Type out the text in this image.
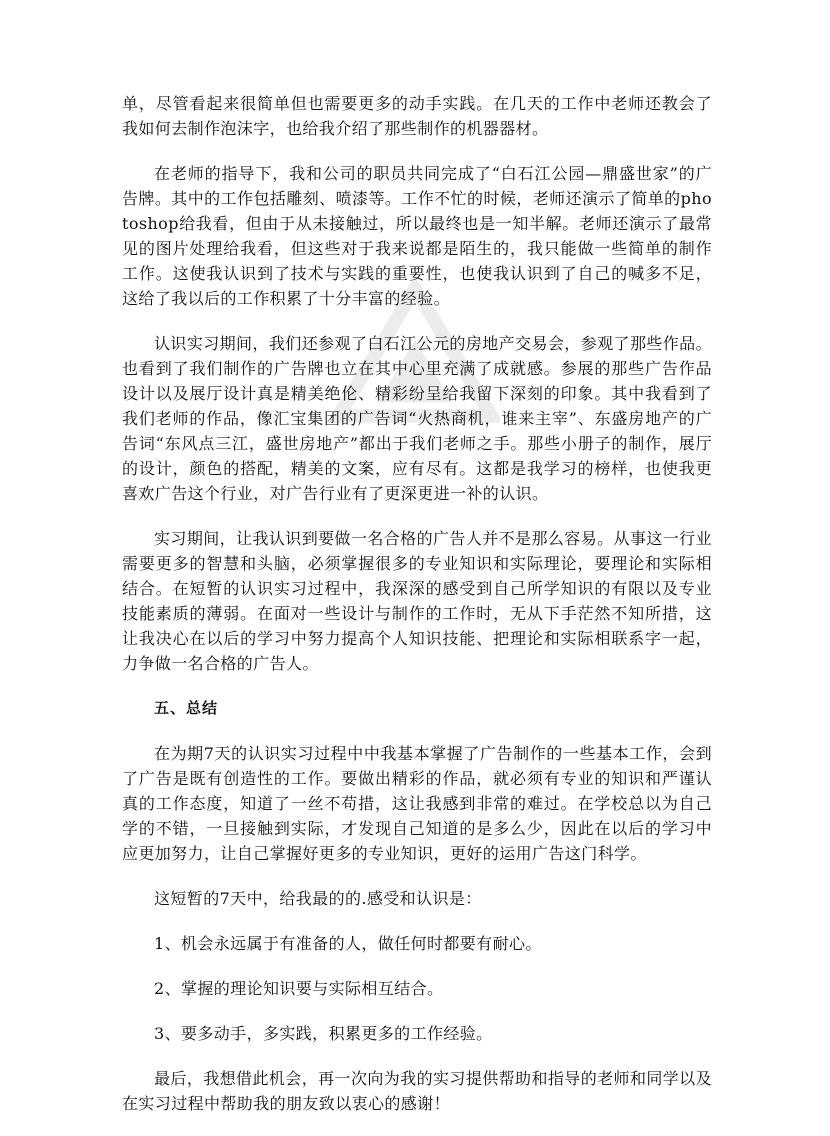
单，尽管看起来很简单但也需要更多的动手实践。在几天的工作中老师还教会了我如何去制作泡沫字，也给我介绍了那些制作的机器器材。

在老师的指导下，我和公司的职员共同完成了“白石江公园—鼎盛世家”的广告牌。其中的工作包括雕刻、喷漆等。工作不忙的时候，老师还演示了简单的photoshop给我看，但由于从未接触过，所以最终也是一知半解。老师还演示了最常见的图片处理给我看，但这些对于我来说都是陌生的，我只能做一些简单的制作工作。这使我认识到了技术与实践的重要性，也使我认识到了自己的喊多不足，这给了我以后的工作积累了十分丰富的经验。

认识实习期间，我们还参观了白石江公元的房地产交易会，参观了那些作品。也看到了我们制作的广告牌也立在其中心里充满了成就感。参展的那些广告作品设计以及展厅设计真是精美绝伦、精彩纷呈给我留下深刻的印象。其中我看到了我们老师的作品，像汇宝集团的广告词“火热商机，谁来主宰”、东盛房地产的广告词“东风点三江，盛世房地产”都出于我们老师之手。那些小册子的制作，展厅的设计，颜色的搭配，精美的文案，应有尽有。这都是我学习的榜样，也使我更喜欢广告这个行业，对广告行业有了更深更进一补的认识。

实习期间，让我认识到要做一名合格的广告人并不是那么容易。从事这一行业需要更多的智慧和头脑，必须掌握很多的专业知识和实际理论，要理论和实际相结合。在短暂的认识实习过程中，我深深的感受到自己所学知识的有限以及专业技能素质的薄弱。在面对一些设计与制作的工作时，无从下手茫然不知所措，这让我决心在以后的学习中努力提高个人知识技能、把理论和实际相联系字一起，力争做一名合格的广告人。

五、总结

在为期7天的认识实习过程中中我基本掌握了广告制作的一些基本工作，会到了广告是既有创造性的工作。要做出精彩的作品，就必须有专业的知识和严谨认真的工作态度，知道了一丝不苟措，这让我感到非常的难过。在学校总以为自己学的不错，一旦接触到实际，才发现自己知道的是多么少，因此在以后的学习中应更加努力，让自己掌握好更多的专业知识，更好的运用广告这门科学。

这短暂的7天中，给我最的的.感受和认识是：

1、机会永远属于有准备的人，做任何时都要有耐心。

2、掌握的理论知识要与实际相互结合。

3、要多动手，多实践，积累更多的工作经验。

最后，我想借此机会，再一次向为我的实习提供帮助和指导的老师和同学以及在实习过程中帮助我的朋友致以衷心的感谢！
